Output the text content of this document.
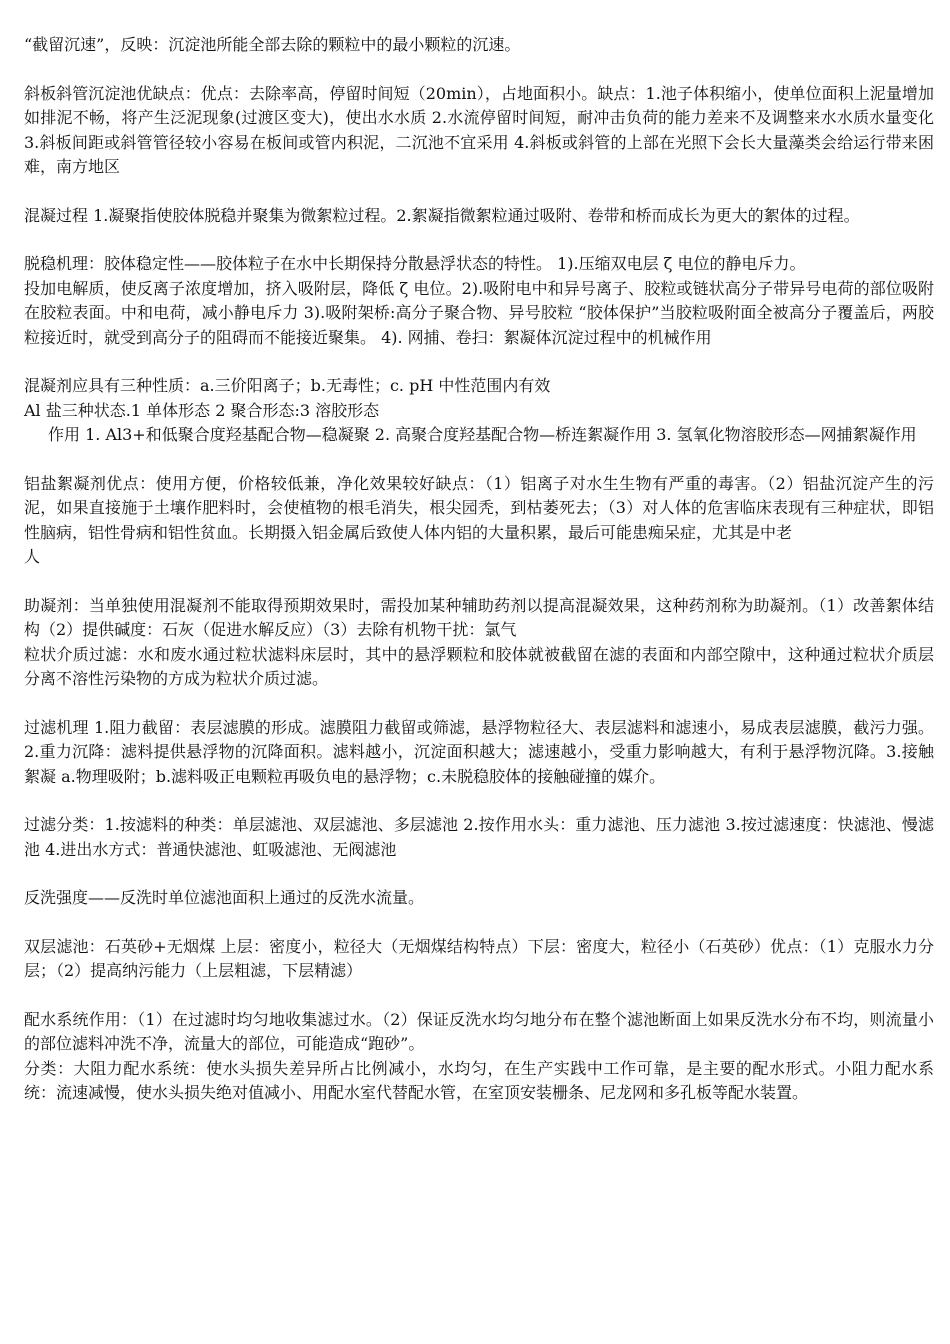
“截留沉速”，反映：沉淀池所能全部去除的颗粒中的最小颗粒的沉速。

斜板斜管沉淀池优缺点：优点：去除率高，停留时间短（20min），占地面积小。缺点：1.池子体积缩小，使单位面积上泥量增加如排泥不畅，将产生泛泥现象(过渡区变大)，使出水水质 2.水流停留时间短，耐冲击负荷的能力差来不及调整来水水质水量变化 3.斜板间距或斜管管径较小容易在板间或管内积泥，二沉池不宜采用 4.斜板或斜管的上部在光照下会长大量藻类会给运行带来困难，南方地区

混凝过程 1.凝聚指使胶体脱稳并聚集为微絮粒过程。2.絮凝指微絮粒通过吸附、卷带和桥而成长为更大的絮体的过程。

脱稳机理：胶体稳定性——胶体粒子在水中长期保持分散悬浮状态的特性。 1).压缩双电层 ζ 电位的静电斥力。

投加电解质，使反离子浓度增加，挤入吸附层，降低 ζ 电位。2).吸附电中和异号离子、胶粒或链状高分子带异号电荷的部位吸附在胶粒表面。中和电荷，减小静电斥力 3).吸附架桥:高分子聚合物、异号胶粒 “胶体保护”当胶粒吸附面全被高分子覆盖后，两胶粒接近时，就受到高分子的阻碍而不能接近聚集。 4). 网捕、卷扫：絮凝体沉淀过程中的机械作用

混凝剂应具有三种性质：a.三价阳离子；b.无毒性；c. pH 中性范围内有效

Al 盐三种状态.1 单体形态 2 聚合形态:3 溶胶形态

作用 1. Al3+和低聚合度羟基配合物—稳凝聚 2. 高聚合度羟基配合物—桥连絮凝作用 3. 氢氧化物溶胶形态—网捕絮凝作用

铝盐絮凝剂优点：使用方便，价格较低兼，净化效果较好缺点：（1）铝离子对水生生物有严重的毒害。（2）铝盐沉淀产生的污泥，如果直接施于土壤作肥料时，会使植物的根毛消失，根尖园秃，到枯萎死去；（3）对人体的危害临床表现有三种症状，即铝性脑病，铝性骨病和铝性贫血。长期摄入铝金属后致使人体内铝的大量积累，最后可能患痴呆症，尤其是中老

人

助凝剂：当单独使用混凝剂不能取得预期效果时，需投加某种辅助药剂以提高混凝效果，这种药剂称为助凝剂。（1）改善絮体结构（2）提供碱度：石灰（促进水解反应）（3）去除有机物干扰：氯气

粒状介质过滤：水和废水通过粒状滤料床层时，其中的悬浮颗粒和胶体就被截留在滤的表面和内部空隙中，这种通过粒状介质层分离不溶性污染物的方成为粒状介质过滤。

过滤机理 1.阻力截留：表层滤膜的形成。滤膜阻力截留或筛滤，悬浮物粒径大、表层滤料和滤速小，易成表层滤膜，截污力强。2.重力沉降：滤料提供悬浮物的沉降面积。滤料越小，沉淀面积越大；滤速越小，受重力影响越大，有利于悬浮物沉降。3.接触絮凝 a.物理吸附；b.滤料吸正电颗粒再吸负电的悬浮物；c.未脱稳胶体的接触碰撞的媒介。

过滤分类：1.按滤料的种类：单层滤池、双层滤池、多层滤池 2.按作用水头：重力滤池、压力滤池 3.按过滤速度：快滤池、慢滤池 4.进出水方式：普通快滤池、虹吸滤池、无阀滤池

反洗强度——反洗时单位滤池面积上通过的反洗水流量。

双层滤池：石英砂+无烟煤 上层：密度小，粒径大（无烟煤结构特点）下层：密度大，粒径小（石英砂）优点：（1）克服水力分层；（2）提高纳污能力（上层粗滤，下层精滤）

配水系统作用：（1）在过滤时均匀地收集滤过水。（2）保证反洗水均匀地分布在整个滤池断面上如果反洗水分布不均，则流量小的部位滤料冲洗不净，流量大的部位，可能造成“跑砂”。

分类：大阻力配水系统：使水头损失差异所占比例减小，水均匀，在生产实践中工作可靠，是主要的配水形式。小阻力配水系统：流速减慢，使水头损失绝对值减小、用配水室代替配水管，在室顶安装栅条、尼龙网和多孔板等配水装置。
